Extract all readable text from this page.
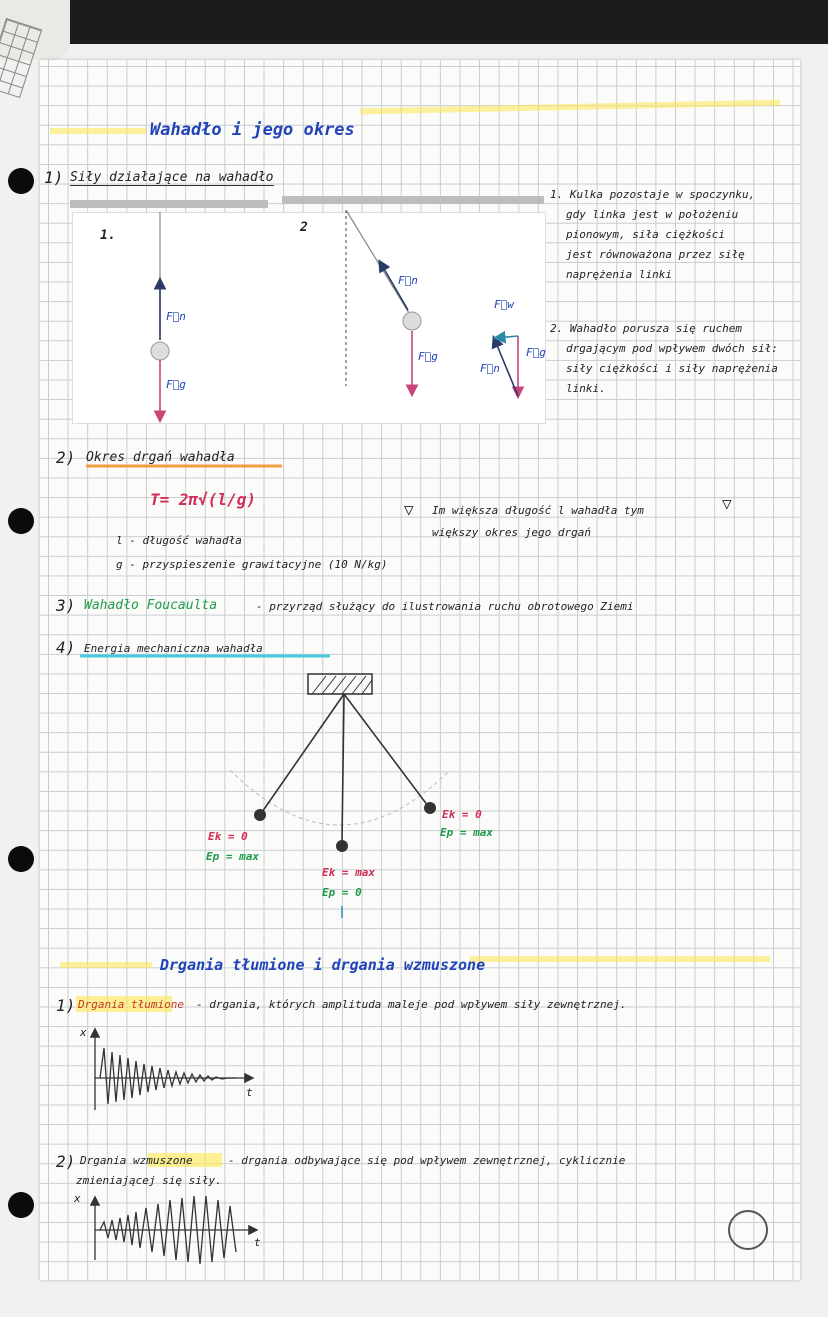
Wahadło i jego okres
1) Siły działające na wahadło
1.
2
F⃗n
F⃗g
F⃗n
F⃗g
F⃗w
F⃗n
F⃗g
1. Kulka pozostaje w spoczynku,
gdy linka jest w położeniu
pionowym, siła ciężkości
jest równoważona przez siłę
naprężenia linki
2. Wahadło porusza się ruchem
drgającym pod wpływem dwóch sił:
siły ciężkości i siły naprężenia
linki.
2) Okres drgań wahadła
T= 2π√(l/g)
l - długość wahadła
g - przyspieszenie grawitacyjne (10 N/kg)
▽	▽
Im większa długość l wahadła tym
większy okres jego drgań
3) Wahadło Foucaulta	- przyrząd służący do ilustrowania ruchu obrotowego Ziemi
4) Energia mechaniczna wahadła
Ek = 0
Ep = max
Ek = max
Ep = 0
Ek = 0
Ep = max
Drgania tłumione i drgania wzmuszone
1) Drgania tłumione - drgania, których amplituda maleje pod wpływem siły zewnętrznej.
x
t
2) Drgania wzmuszone	- drgania odbywające się pod wpływem zewnętrznej, cyklicznie
zmieniającej się siły.
x
t
